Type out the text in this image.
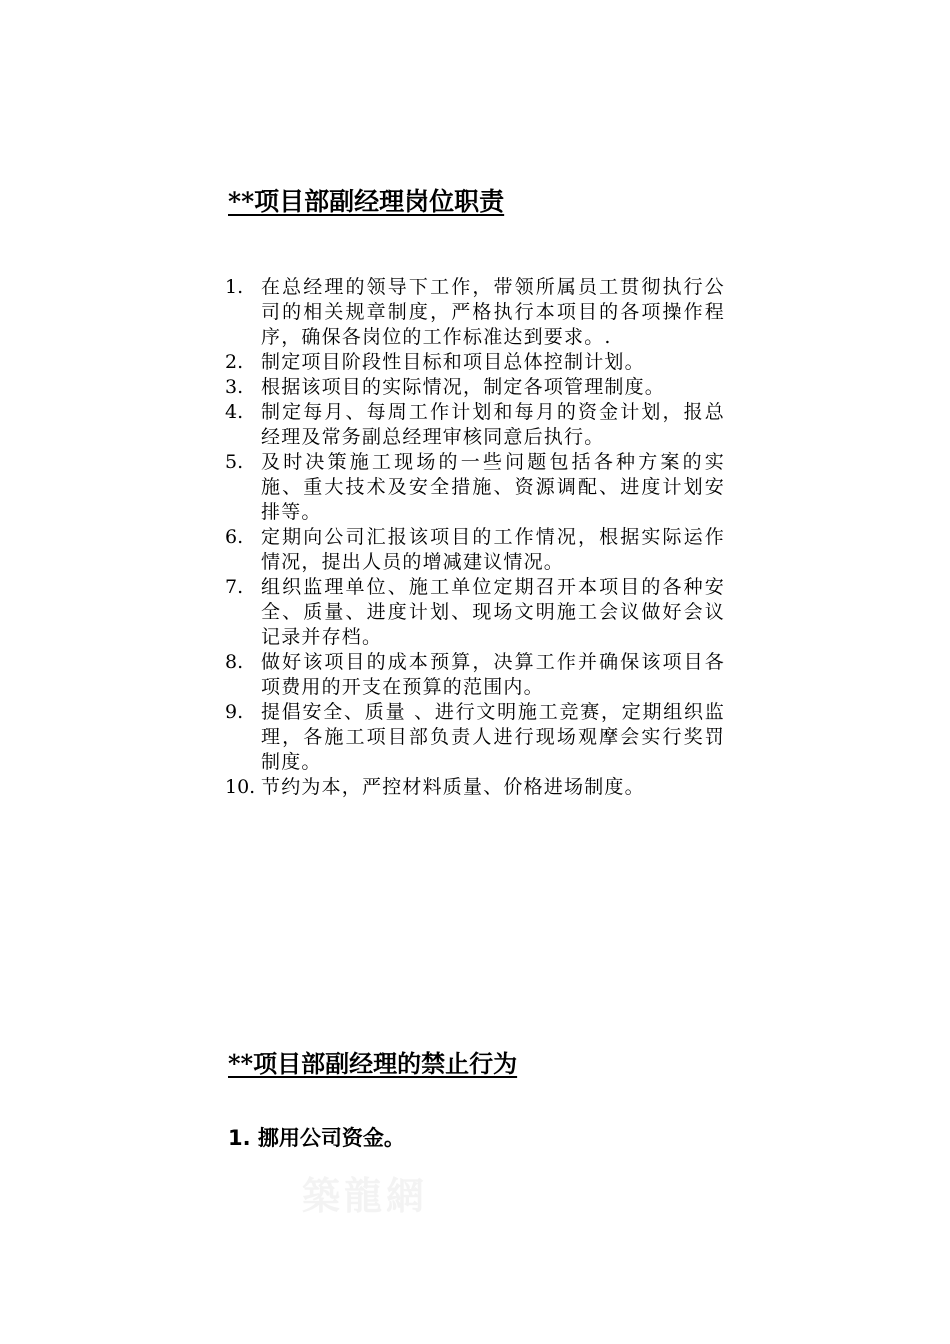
**项目部副经理岗位职责
1. 在总经理的领导下工作，带领所属员工贯彻执行公司的相关规章制度，严格执行本项目的各项操作程序，确保各岗位的工作标准达到要求。.
2. 制定项目阶段性目标和项目总体控制计划。
3. 根据该项目的实际情况，制定各项管理制度。
4. 制定每月、每周工作计划和每月的资金计划，报总经理及常务副总经理审核同意后执行。
5. 及时决策施工现场的一些问题包括各种方案的实施、重大技术及安全措施、资源调配、进度计划安排等。
6. 定期向公司汇报该项目的工作情况，根据实际运作情况，提出人员的增减建议情况。
7. 组织监理单位、施工单位定期召开本项目的各种安全、质量、进度计划、现场文明施工会议做好会议记录并存档。
8. 做好该项目的成本预算，决算工作并确保该项目各项费用的开支在预算的范围内。
9. 提倡安全、质量 、进行文明施工竞赛，定期组织监理，各施工项目部负责人进行现场观摩会实行奖罚制度。
10. 节约为本，严控材料质量、价格进场制度。
**项目部副经理的禁止行为
1. 挪用公司资金。
築龍網
